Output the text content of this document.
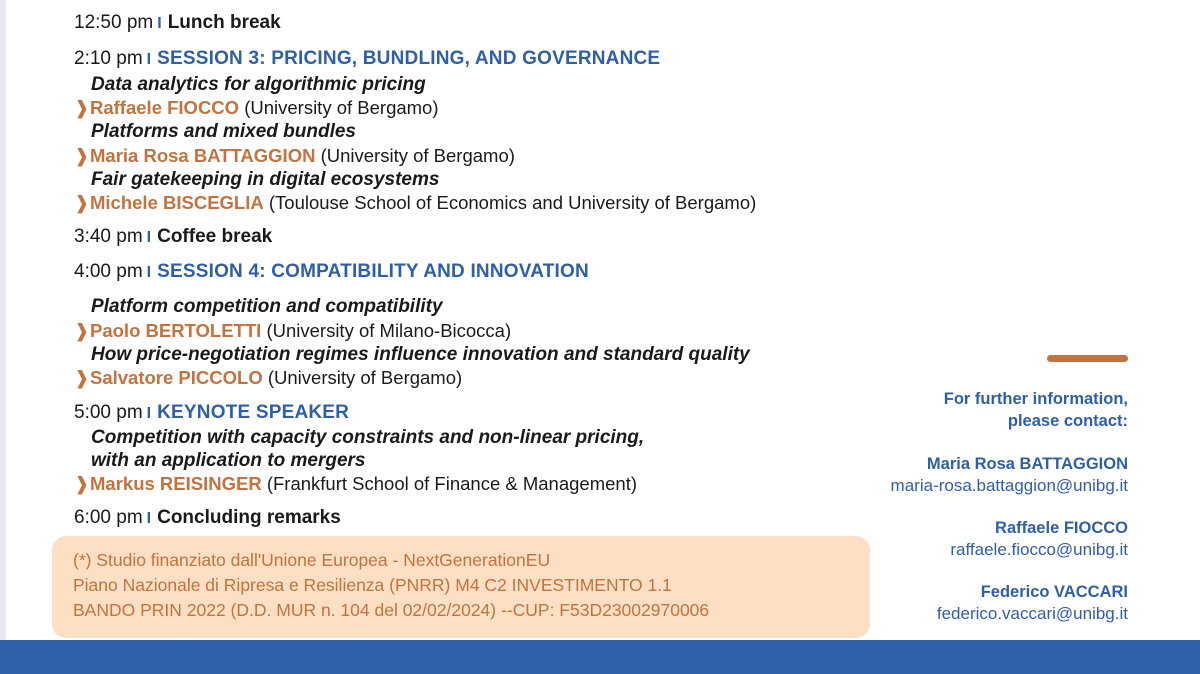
12:50 pm I Lunch break
2:10 pm I SESSION 3: PRICING, BUNDLING, AND GOVERNANCE
Data analytics for algorithmic pricing
❱Raffaele FIOCCO (University of Bergamo)
Platforms and mixed bundles
❱Maria Rosa BATTAGGION (University of Bergamo)
Fair gatekeeping in digital ecosystems
❱Michele BISCEGLIA (Toulouse School of Economics and University of Bergamo)
3:40 pm I Coffee break
4:00 pm I SESSION 4: COMPATIBILITY AND INNOVATION
Platform competition and compatibility
❱Paolo BERTOLETTI (University of Milano-Bicocca)
How price-negotiation regimes influence innovation and standard quality
❱Salvatore PICCOLO (University of Bergamo)
5:00 pm I KEYNOTE SPEAKER
Competition with capacity constraints and non-linear pricing,
with an application to mergers
❱Markus REISINGER (Frankfurt School of Finance & Management)
6:00 pm I Concluding remarks
(*) Studio finanziato dall'Unione Europea - NextGenerationEU
Piano Nazionale di Ripresa e Resilienza (PNRR) M4 C2 INVESTIMENTO 1.1
BANDO PRIN 2022 (D.D. MUR n. 104 del 02/02/2024) --CUP: F53D23002970006
For further information,
please contact:
Maria Rosa BATTAGGION
maria-rosa.battaggion@unibg.it
Raffaele FIOCCO
raffaele.fiocco@unibg.it
Federico VACCARI
federico.vaccari@unibg.it
